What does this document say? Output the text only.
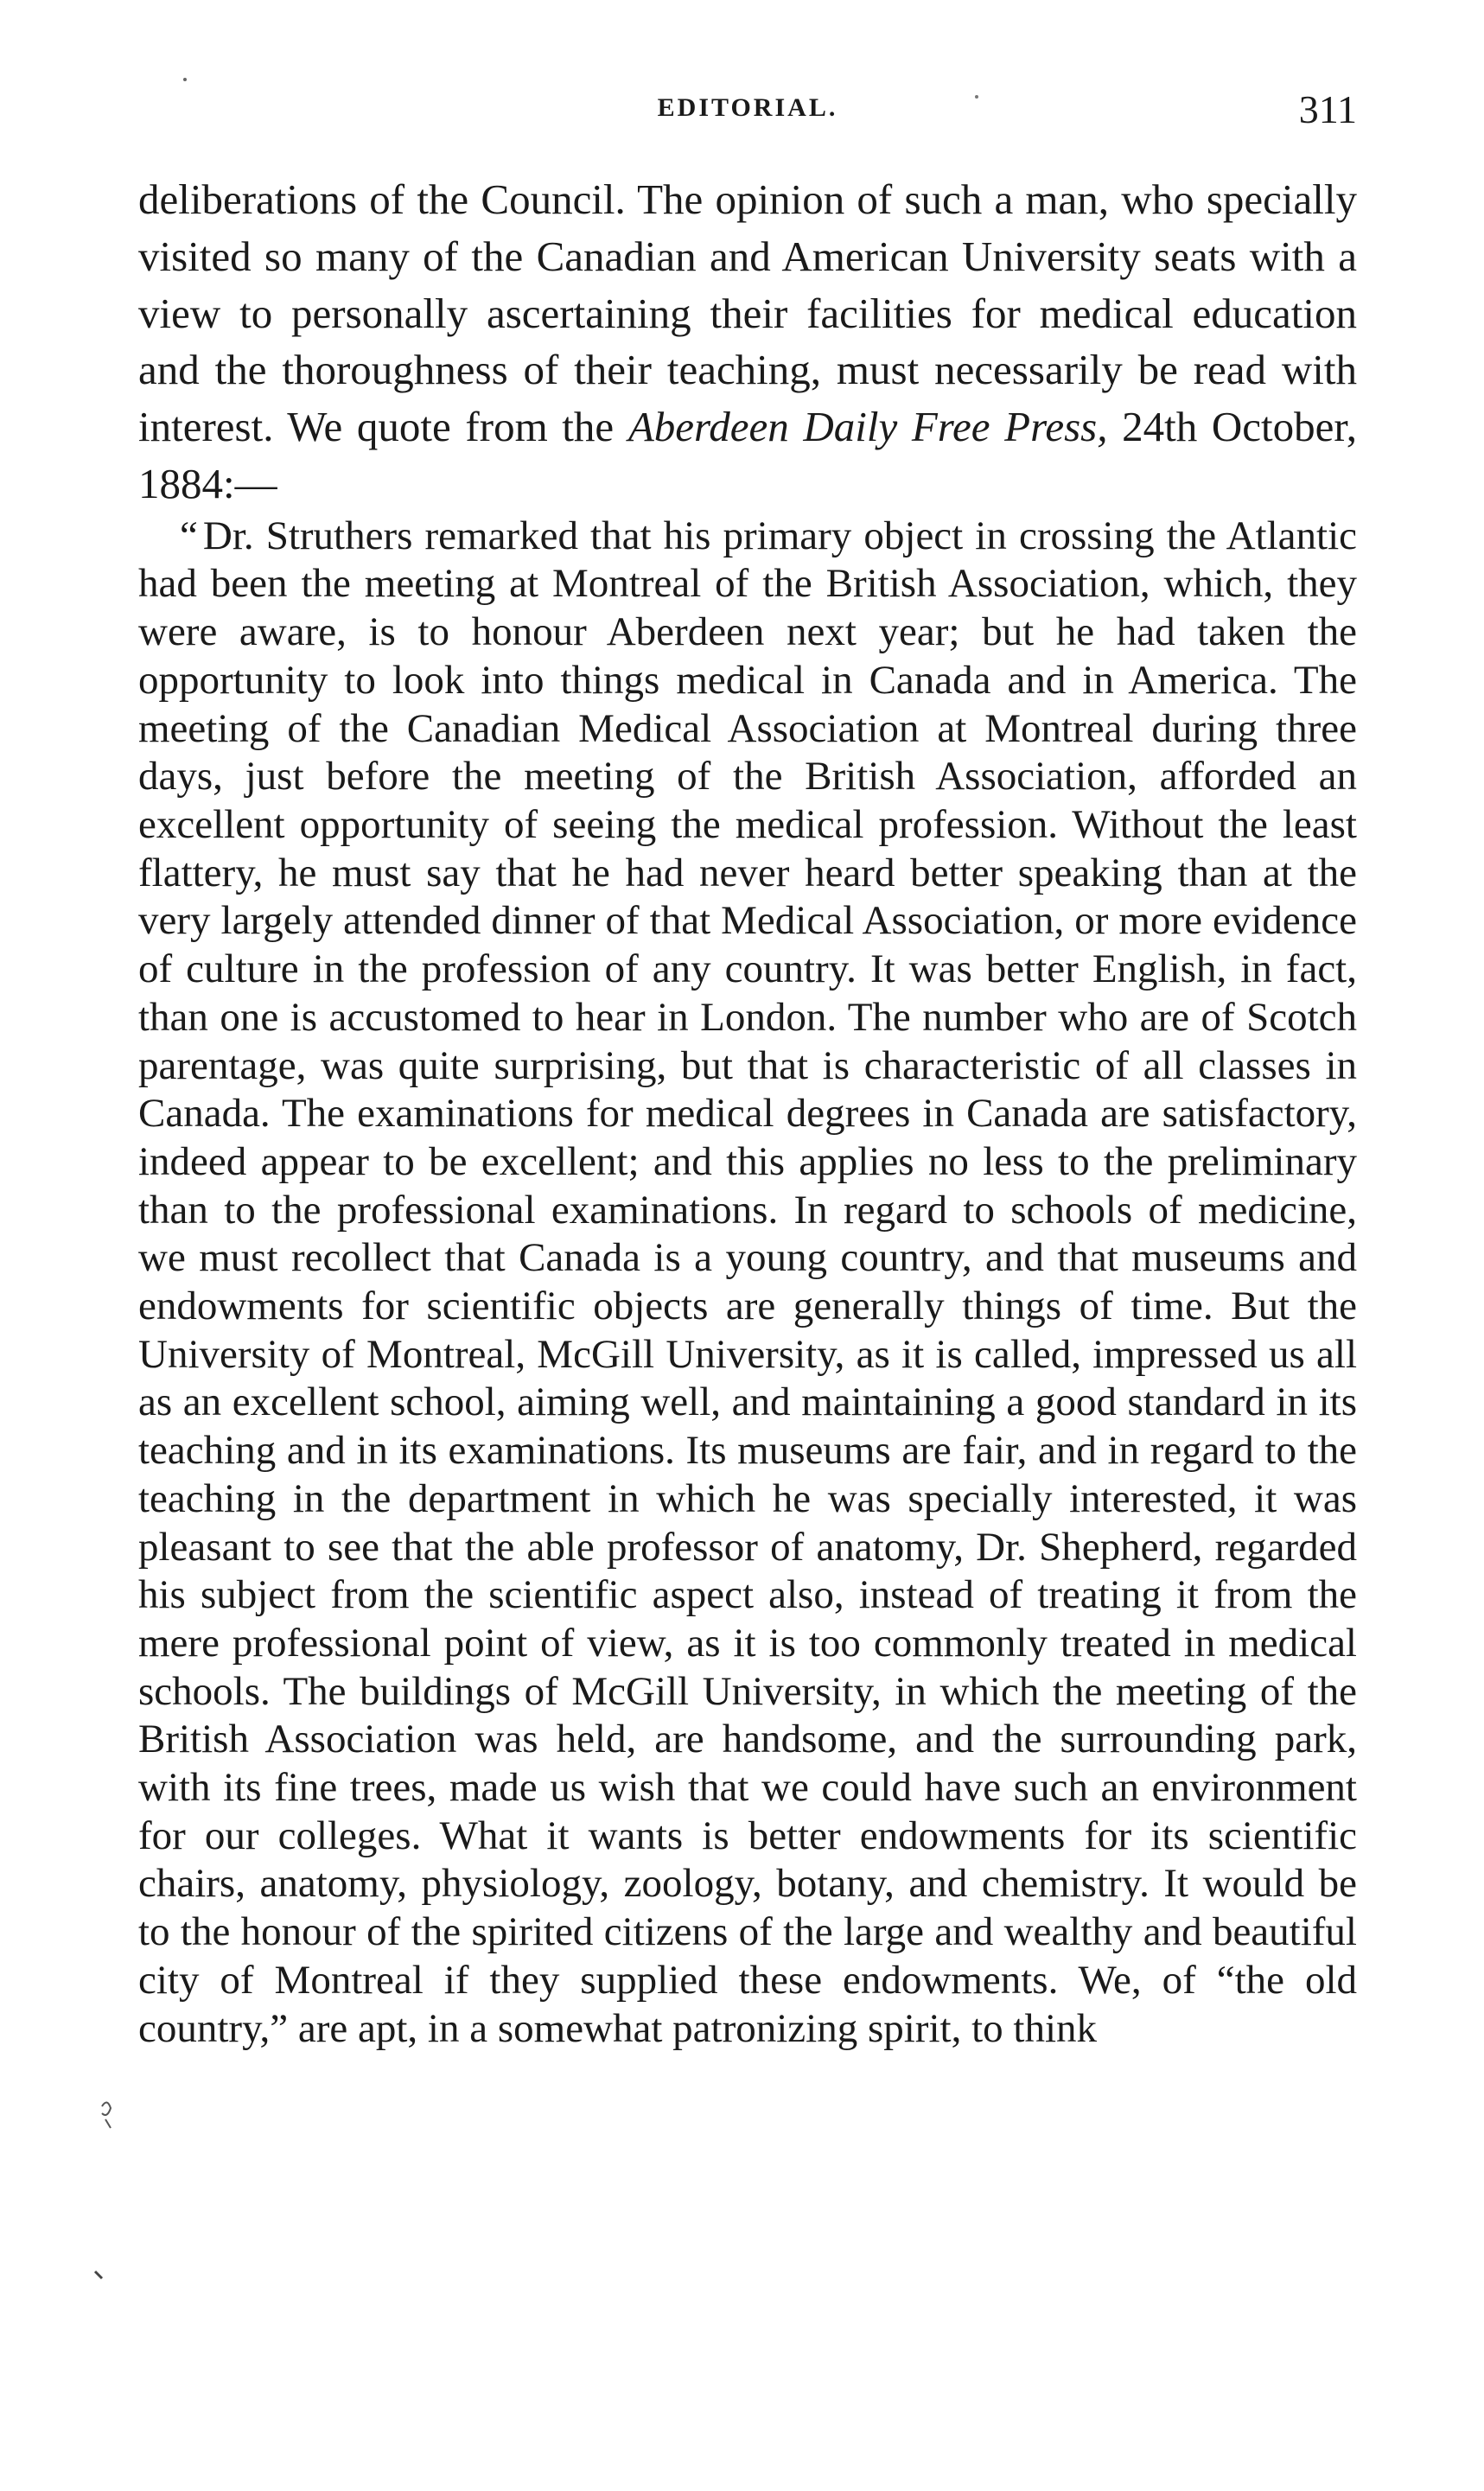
EDITORIAL.	311

deliberations of the Council. The opinion of such a man, who specially visited so many of the Canadian and American University seats with a view to personally ascertaining their facilities for medical education and the thoroughness of their teaching, must necessarily be read with interest. We quote from the Aberdeen Daily Free Press, 24th October, 1884:—

“ Dr. Struthers remarked that his primary object in crossing the Atlantic had been the meeting at Montreal of the British Association, which, they were aware, is to honour Aberdeen next year; but he had taken the opportunity to look into things medical in Canada and in America. The meeting of the Canadian Medical Association at Montreal during three days, just before the meeting of the British Association, afforded an excellent opportunity of seeing the medical profession. Without the least flattery, he must say that he had never heard better speaking than at the very largely attended dinner of that Medical Association, or more evidence of culture in the profession of any country. It was better English, in fact, than one is accustomed to hear in London. The number who are of Scotch parentage, was quite surprising, but that is characteristic of all classes in Canada. The examinations for medical degrees in Canada are satisfactory, indeed appear to be excellent; and this applies no less to the preliminary than to the professional examinations. In regard to schools of medicine, we must recollect that Canada is a young country, and that museums and endowments for scientific objects are generally things of time. But the University of Montreal, McGill University, as it is called, impressed us all as an excellent school, aiming well, and maintaining a good standard in its teaching and in its examinations. Its museums are fair, and in regard to the teaching in the department in which he was specially interested, it was pleasant to see that the able professor of anatomy, Dr. Shepherd, regarded his subject from the scientific aspect also, instead of treating it from the mere professional point of view, as it is too commonly treated in medical schools. The buildings of McGill University, in which the meeting of the British Association was held, are handsome, and the surrounding park, with its fine trees, made us wish that we could have such an environment for our colleges. What it wants is better endowments for its scientific chairs, anatomy, physiology, zoology, botany, and chemistry. It would be to the honour of the spirited citizens of the large and wealthy and beautiful city of Montreal if they supplied these endowments. We, of “the old country,” are apt, in a somewhat patronizing spirit, to think
